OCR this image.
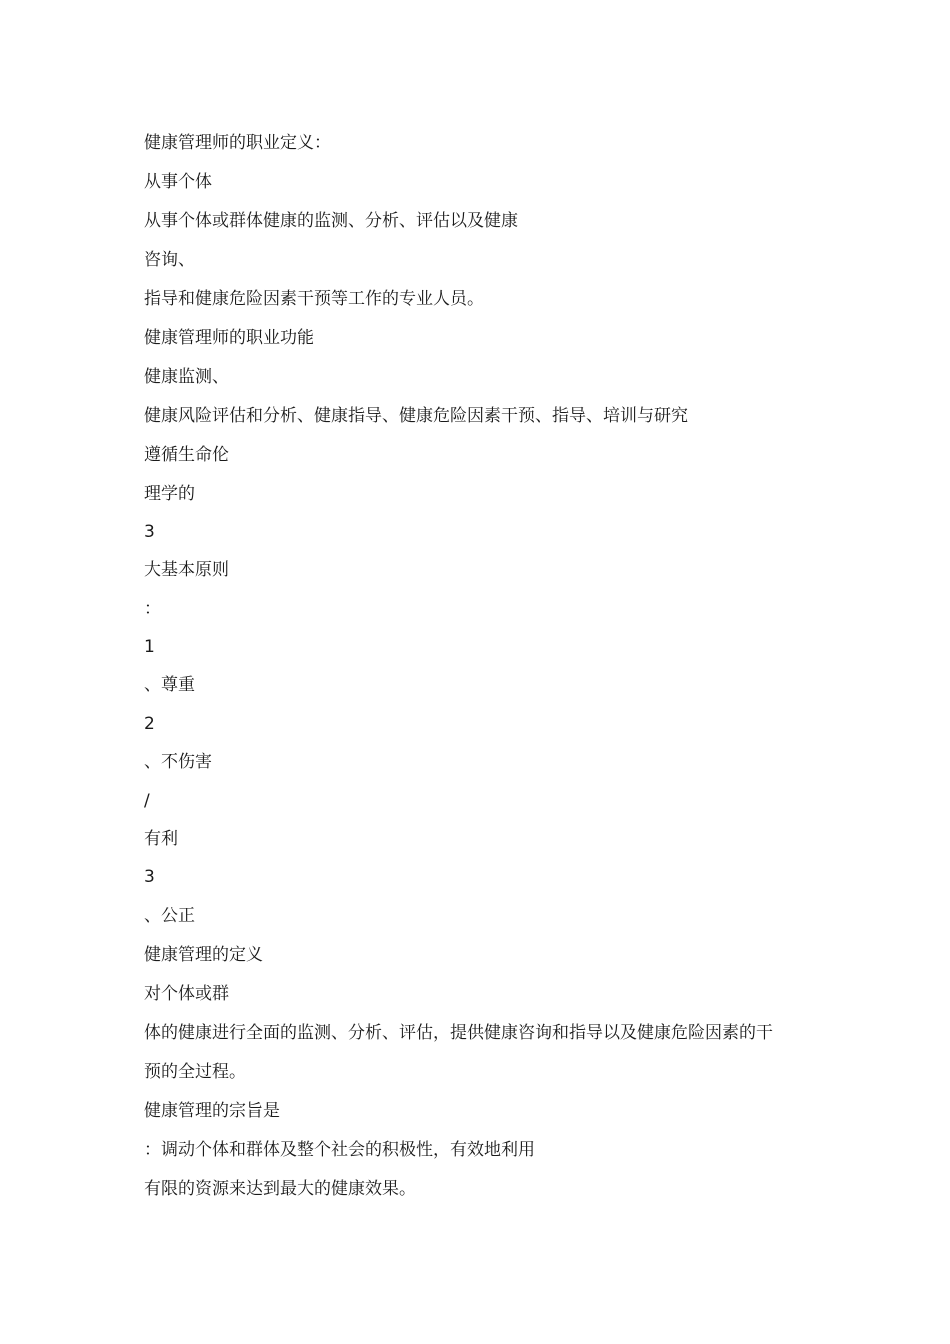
健康管理师的职业定义：
从事个体
从事个体或群体健康的监测、分析、评估以及健康
咨询、
指导和健康危险因素干预等工作的专业人员。
健康管理师的职业功能
健康监测、
健康风险评估和分析、健康指导、健康危险因素干预、指导、培训与研究
遵循生命伦
理学的
3
大基本原则
：
1
、尊重
2
、不伤害
/
有利
3
、公正
健康管理的定义
对个体或群
体的健康进行全面的监测、分析、评估，提供健康咨询和指导以及健康危险因素的干
预的全过程。
健康管理的宗旨是
：调动个体和群体及整个社会的积极性，有效地利用
有限的资源来达到最大的健康效果。
